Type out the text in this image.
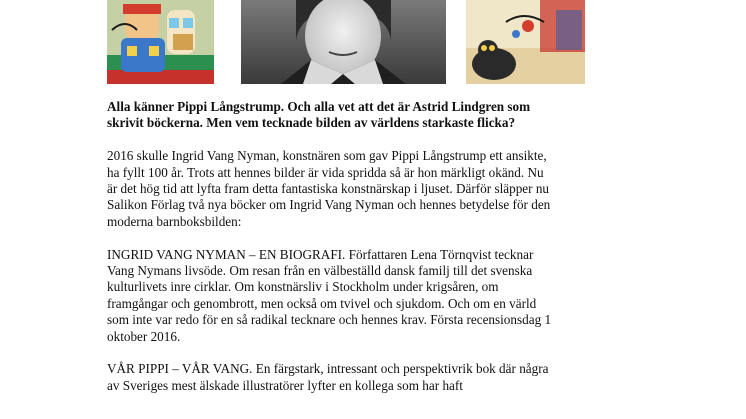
Alla känner Pippi Långstrump. Och alla vet att det är Astrid Lindgren som skrivit böckerna. Men vem tecknade bilden av världens starkaste flicka?

2016 skulle Ingrid Vang Nyman, konstnären som gav Pippi Långstrump ett ansikte, ha fyllt 100 år. Trots att hennes bilder är vida spridda så är hon märkligt okänd. Nu är det hög tid att lyfta fram detta fantastiska konstnärskap i ljuset. Därför släpper nu Salikon Förlag två nya böcker om Ingrid Vang Nyman och hennes betydelse för den moderna barnboksbilden:

INGRID VANG NYMAN – EN BIOGRAFI. Författaren Lena Törnqvist tecknar Vang Nymans livsöde. Om resan från en välbeställd dansk familj till det svenska kulturlivets inre cirklar. Om konstnärsliv i Stockholm under krigsåren, om framgångar och genombrott, men också om tvivel och sjukdom. Och om en värld som inte var redo för en så radikal tecknare och hennes krav. Första recensionsdag 1 oktober 2016.

VÅR PIPPI – VÅR VANG. En färgstark, intressant och perspektivrik bok där några av Sveriges mest älskade illustratörer lyfter en kollega som har haft
